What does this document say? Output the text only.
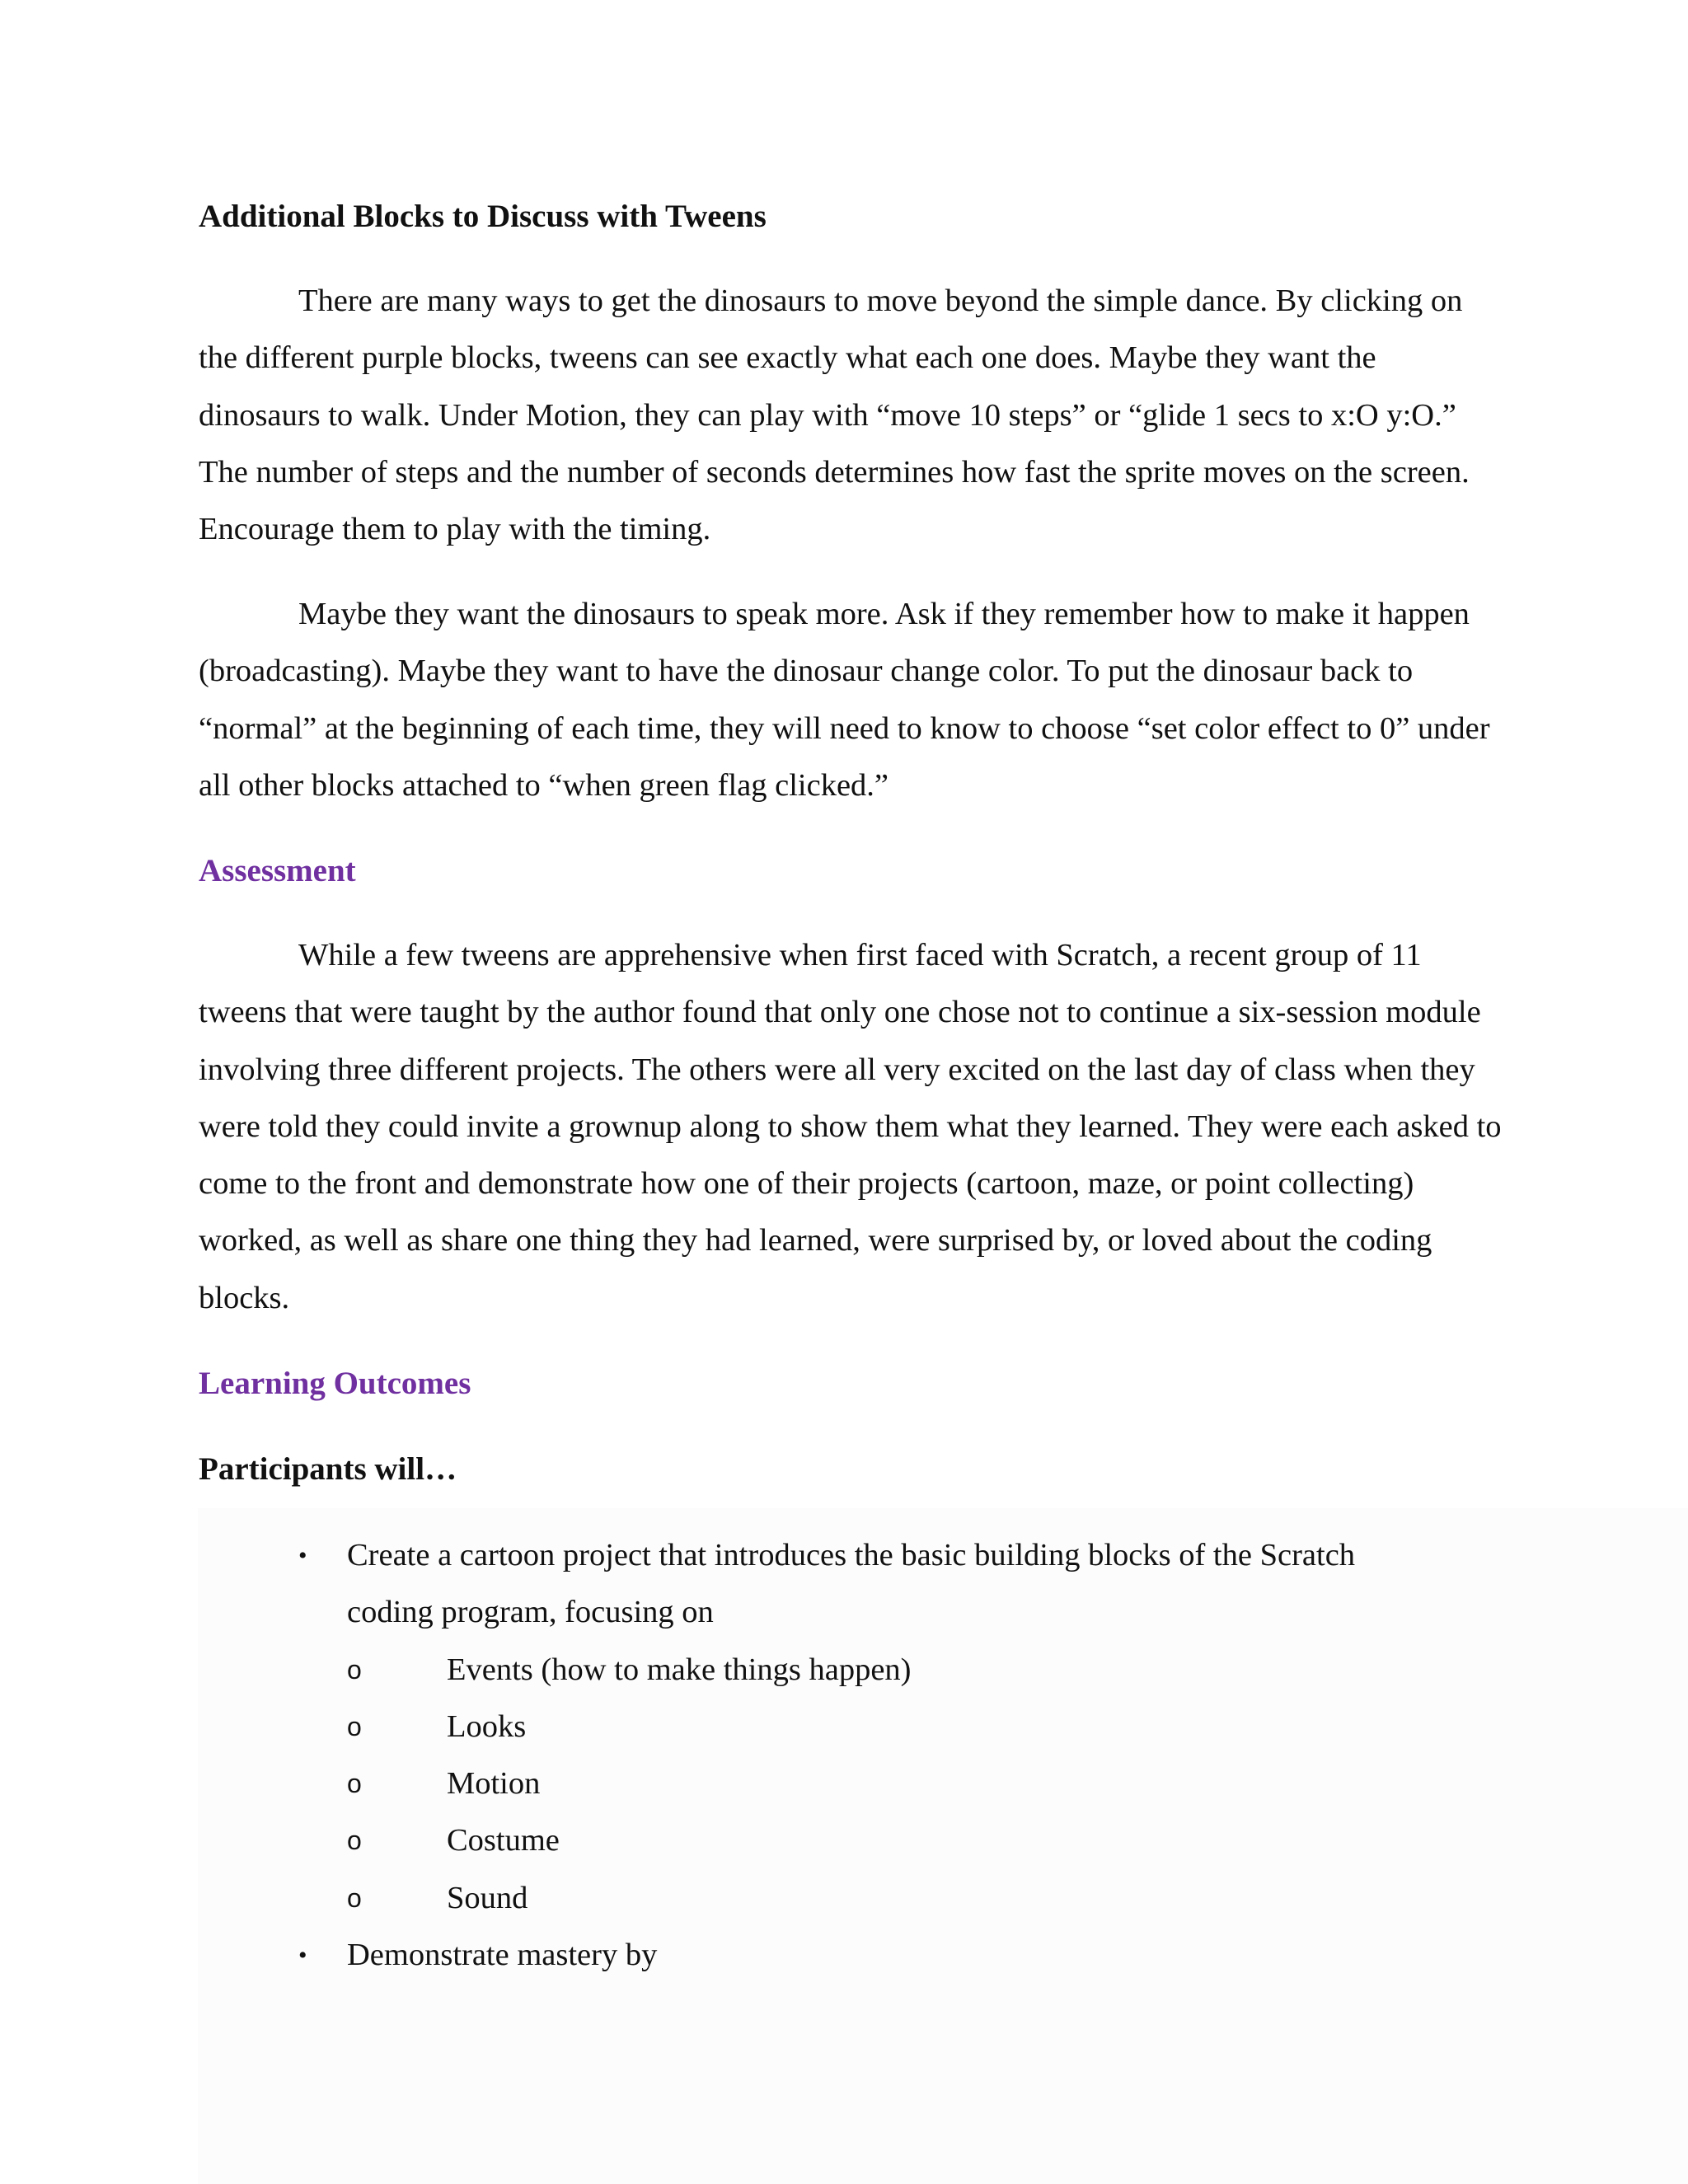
Additional Blocks to Discuss with Tweens

There are many ways to get the dinosaurs to move beyond the simple dance. By clicking on the different purple blocks, tweens can see exactly what each one does. Maybe they want the dinosaurs to walk. Under Motion, they can play with “move 10 steps” or “glide 1 secs to x:O y:O.” The number of steps and the number of seconds determines how fast the sprite moves on the screen. Encourage them to play with the timing.

Maybe they want the dinosaurs to speak more. Ask if they remember how to make it happen (broadcasting). Maybe they want to have the dinosaur change color. To put the dinosaur back to “normal” at the beginning of each time, they will need to know to choose “set color effect to 0” under all other blocks attached to “when green flag clicked.”

Assessment

While a few tweens are apprehensive when first faced with Scratch, a recent group of 11 tweens that were taught by the author found that only one chose not to continue a six-session module involving three different projects. The others were all very excited on the last day of class when they were told they could invite a grownup along to show them what they learned. They were each asked to come to the front and demonstrate how one of their projects (cartoon, maze, or point collecting) worked, as well as share one thing they had learned, were surprised by, or loved about the coding blocks.

Learning Outcomes
Participants will…
• Create a cartoon project that introduces the basic building blocks of the Scratch coding program, focusing on
o	Events (how to make things happen)
o	Looks
o	Motion
o	Costume
o	Sound
• Demonstrate mastery by
